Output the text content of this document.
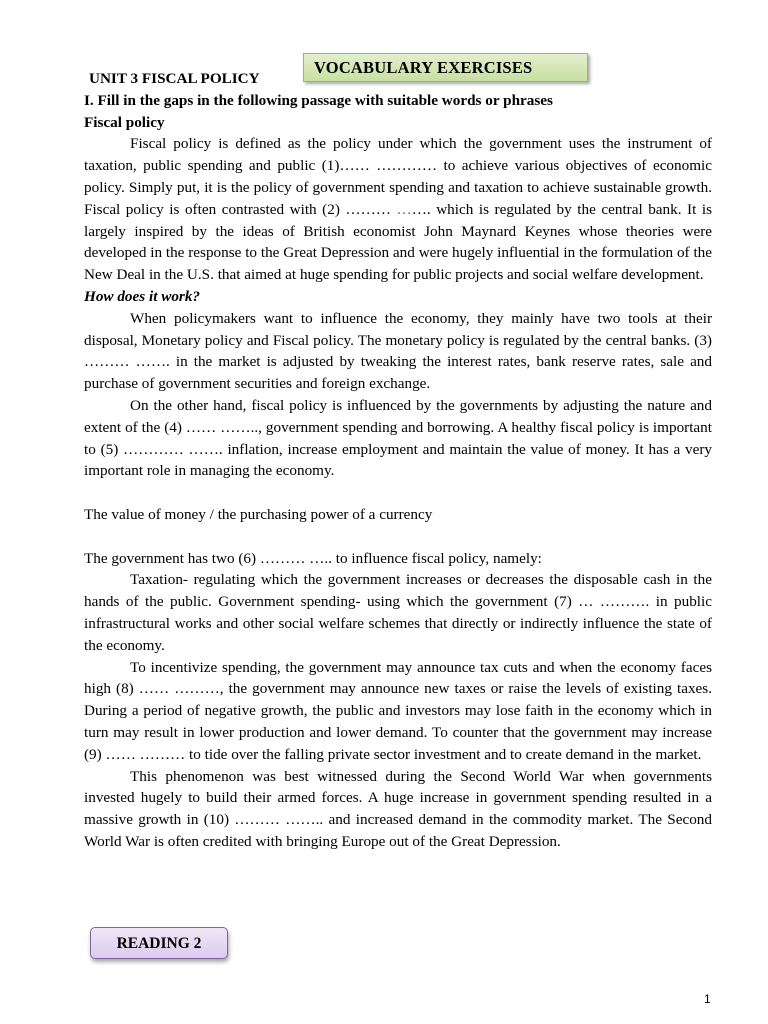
VOCABULARY EXERCISES

UNIT 3 FISCAL POLICY

I. Fill in the gaps in the following passage with suitable words or phrases

Fiscal policy

Fiscal policy is defined as the policy under which the government uses the instrument of taxation, public spending and public (1)…… ………… to achieve various objectives of economic policy. Simply put, it is the policy of government spending and taxation to achieve sustainable growth. Fiscal policy is often contrasted with (2) ……… ……. which is regulated by the central bank. It is largely inspired by the ideas of British economist John Maynard Keynes whose theories were developed in the response to the Great Depression and were hugely influential in the formulation of the New Deal in the U.S. that aimed at huge spending for public projects and social welfare development.

How does it work?

When policymakers want to influence the economy, they mainly have two tools at their disposal, Monetary policy and Fiscal policy. The monetary policy is regulated by the central banks. (3) ……… ……. in the market is adjusted by tweaking the interest rates, bank reserve rates, sale and purchase of government securities and foreign exchange.

On the other hand, fiscal policy is influenced by the governments by adjusting the nature and extent of the (4) …… …….., government spending and borrowing. A healthy fiscal policy is important to (5) ………… ……. inflation, increase employment and maintain the value of money. It has a very important role in managing the economy.

The value of money / the purchasing power of a currency

The government has two (6) ……… ….. to influence fiscal policy, namely:

Taxation- regulating which the government increases or decreases the disposable cash in the hands of the public. Government spending- using which the government (7) … ………. in public infrastructural works and other social welfare schemes that directly or indirectly influence the state of the economy.

To incentivize spending, the government may announce tax cuts and when the economy faces high (8) …… ………, the government may announce new taxes or raise the levels of existing taxes. During a period of negative growth, the public and investors may lose faith in the economy which in turn may result in lower production and lower demand. To counter that the government may increase (9) …… ……… to tide over the falling private sector investment and to create demand in the market.

This phenomenon was best witnessed during the Second World War when governments invested hugely to build their armed forces. A huge increase in government spending resulted in a massive growth in (10) ……… …….. and increased demand in the commodity market. The Second World War is often credited with bringing Europe out of the Great Depression.

READING 2
1
